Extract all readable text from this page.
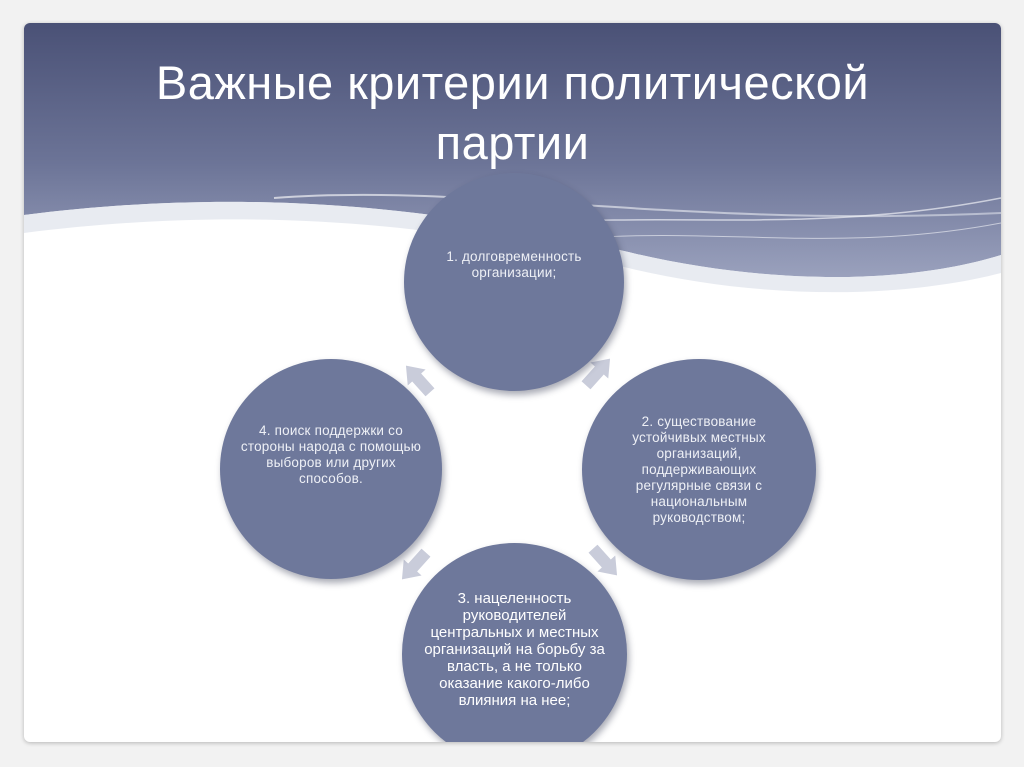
Важные критерии политической
партии
1. долговременность организации;
2. существование устойчивых местных организаций, поддерживающих регулярные связи с национальным руководством;
3. нацеленность руководителей центральных и местных организаций на борьбу за власть, а не только оказание какого-либо влияния на нее;
4. поиск поддержки со стороны народа с помощью выборов или других способов.
